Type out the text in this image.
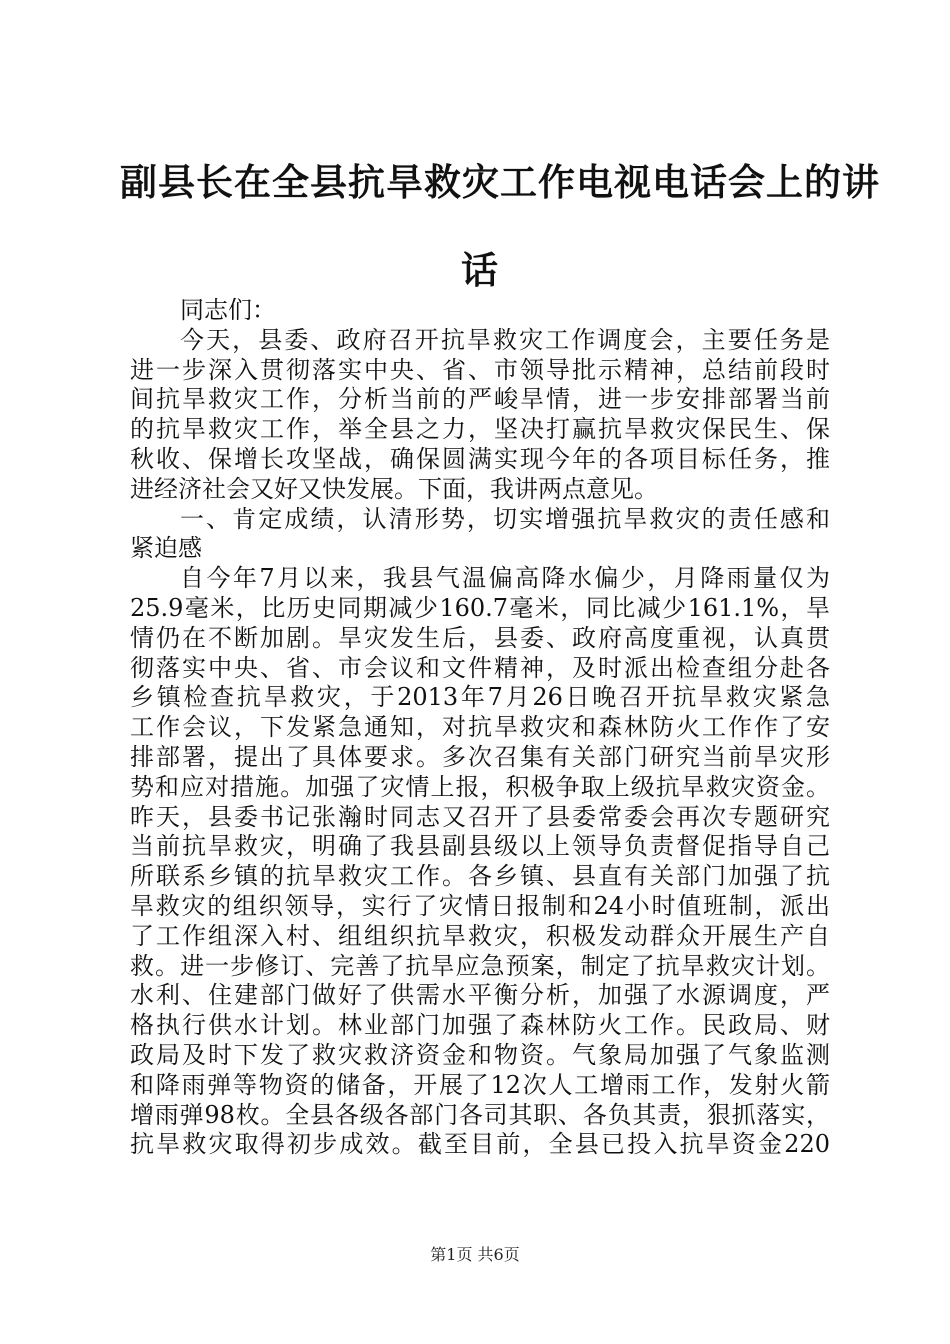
副县长在全县抗旱救灾工作电视电话会上的讲
话
同志们：
今天，县委、政府召开抗旱救灾工作调度会，主要任务是
进一步深入贯彻落实中央、省、市领导批示精神，总结前段时
间抗旱救灾工作，分析当前的严峻旱情，进一步安排部署当前
的抗旱救灾工作，举全县之力，坚决打赢抗旱救灾保民生、保
秋收、保增长攻坚战，确保圆满实现今年的各项目标任务，推
进经济社会又好又快发展。下面，我讲两点意见。
一、肯定成绩，认清形势，切实增强抗旱救灾的责任感和
紧迫感
自今年7月以来，我县气温偏高降水偏少，月降雨量仅为
25.9毫米，比历史同期减少160.7毫米，同比减少161.1%，旱
情仍在不断加剧。旱灾发生后，县委、政府高度重视，认真贯
彻落实中央、省、市会议和文件精神，及时派出检查组分赴各
乡镇检查抗旱救灾，于2013年7月26日晚召开抗旱救灾紧急
工作会议，下发紧急通知，对抗旱救灾和森林防火工作作了安
排部署，提出了具体要求。多次召集有关部门研究当前旱灾形
势和应对措施。加强了灾情上报，积极争取上级抗旱救灾资金。
昨天，县委书记张瀚时同志又召开了县委常委会再次专题研究
当前抗旱救灾，明确了我县副县级以上领导负责督促指导自己
所联系乡镇的抗旱救灾工作。各乡镇、县直有关部门加强了抗
旱救灾的组织领导，实行了灾情日报制和24小时值班制，派出
了工作组深入村、组组织抗旱救灾，积极发动群众开展生产自
救。进一步修订、完善了抗旱应急预案，制定了抗旱救灾计划。
水利、住建部门做好了供需水平衡分析，加强了水源调度，严
格执行供水计划。林业部门加强了森林防火工作。民政局、财
政局及时下发了救灾救济资金和物资。气象局加强了气象监测
和降雨弹等物资的储备，开展了12次人工增雨工作，发射火箭
增雨弹98枚。全县各级各部门各司其职、各负其责，狠抓落实，
抗旱救灾取得初步成效。截至目前，全县已投入抗旱资金220
第1页 共6页
